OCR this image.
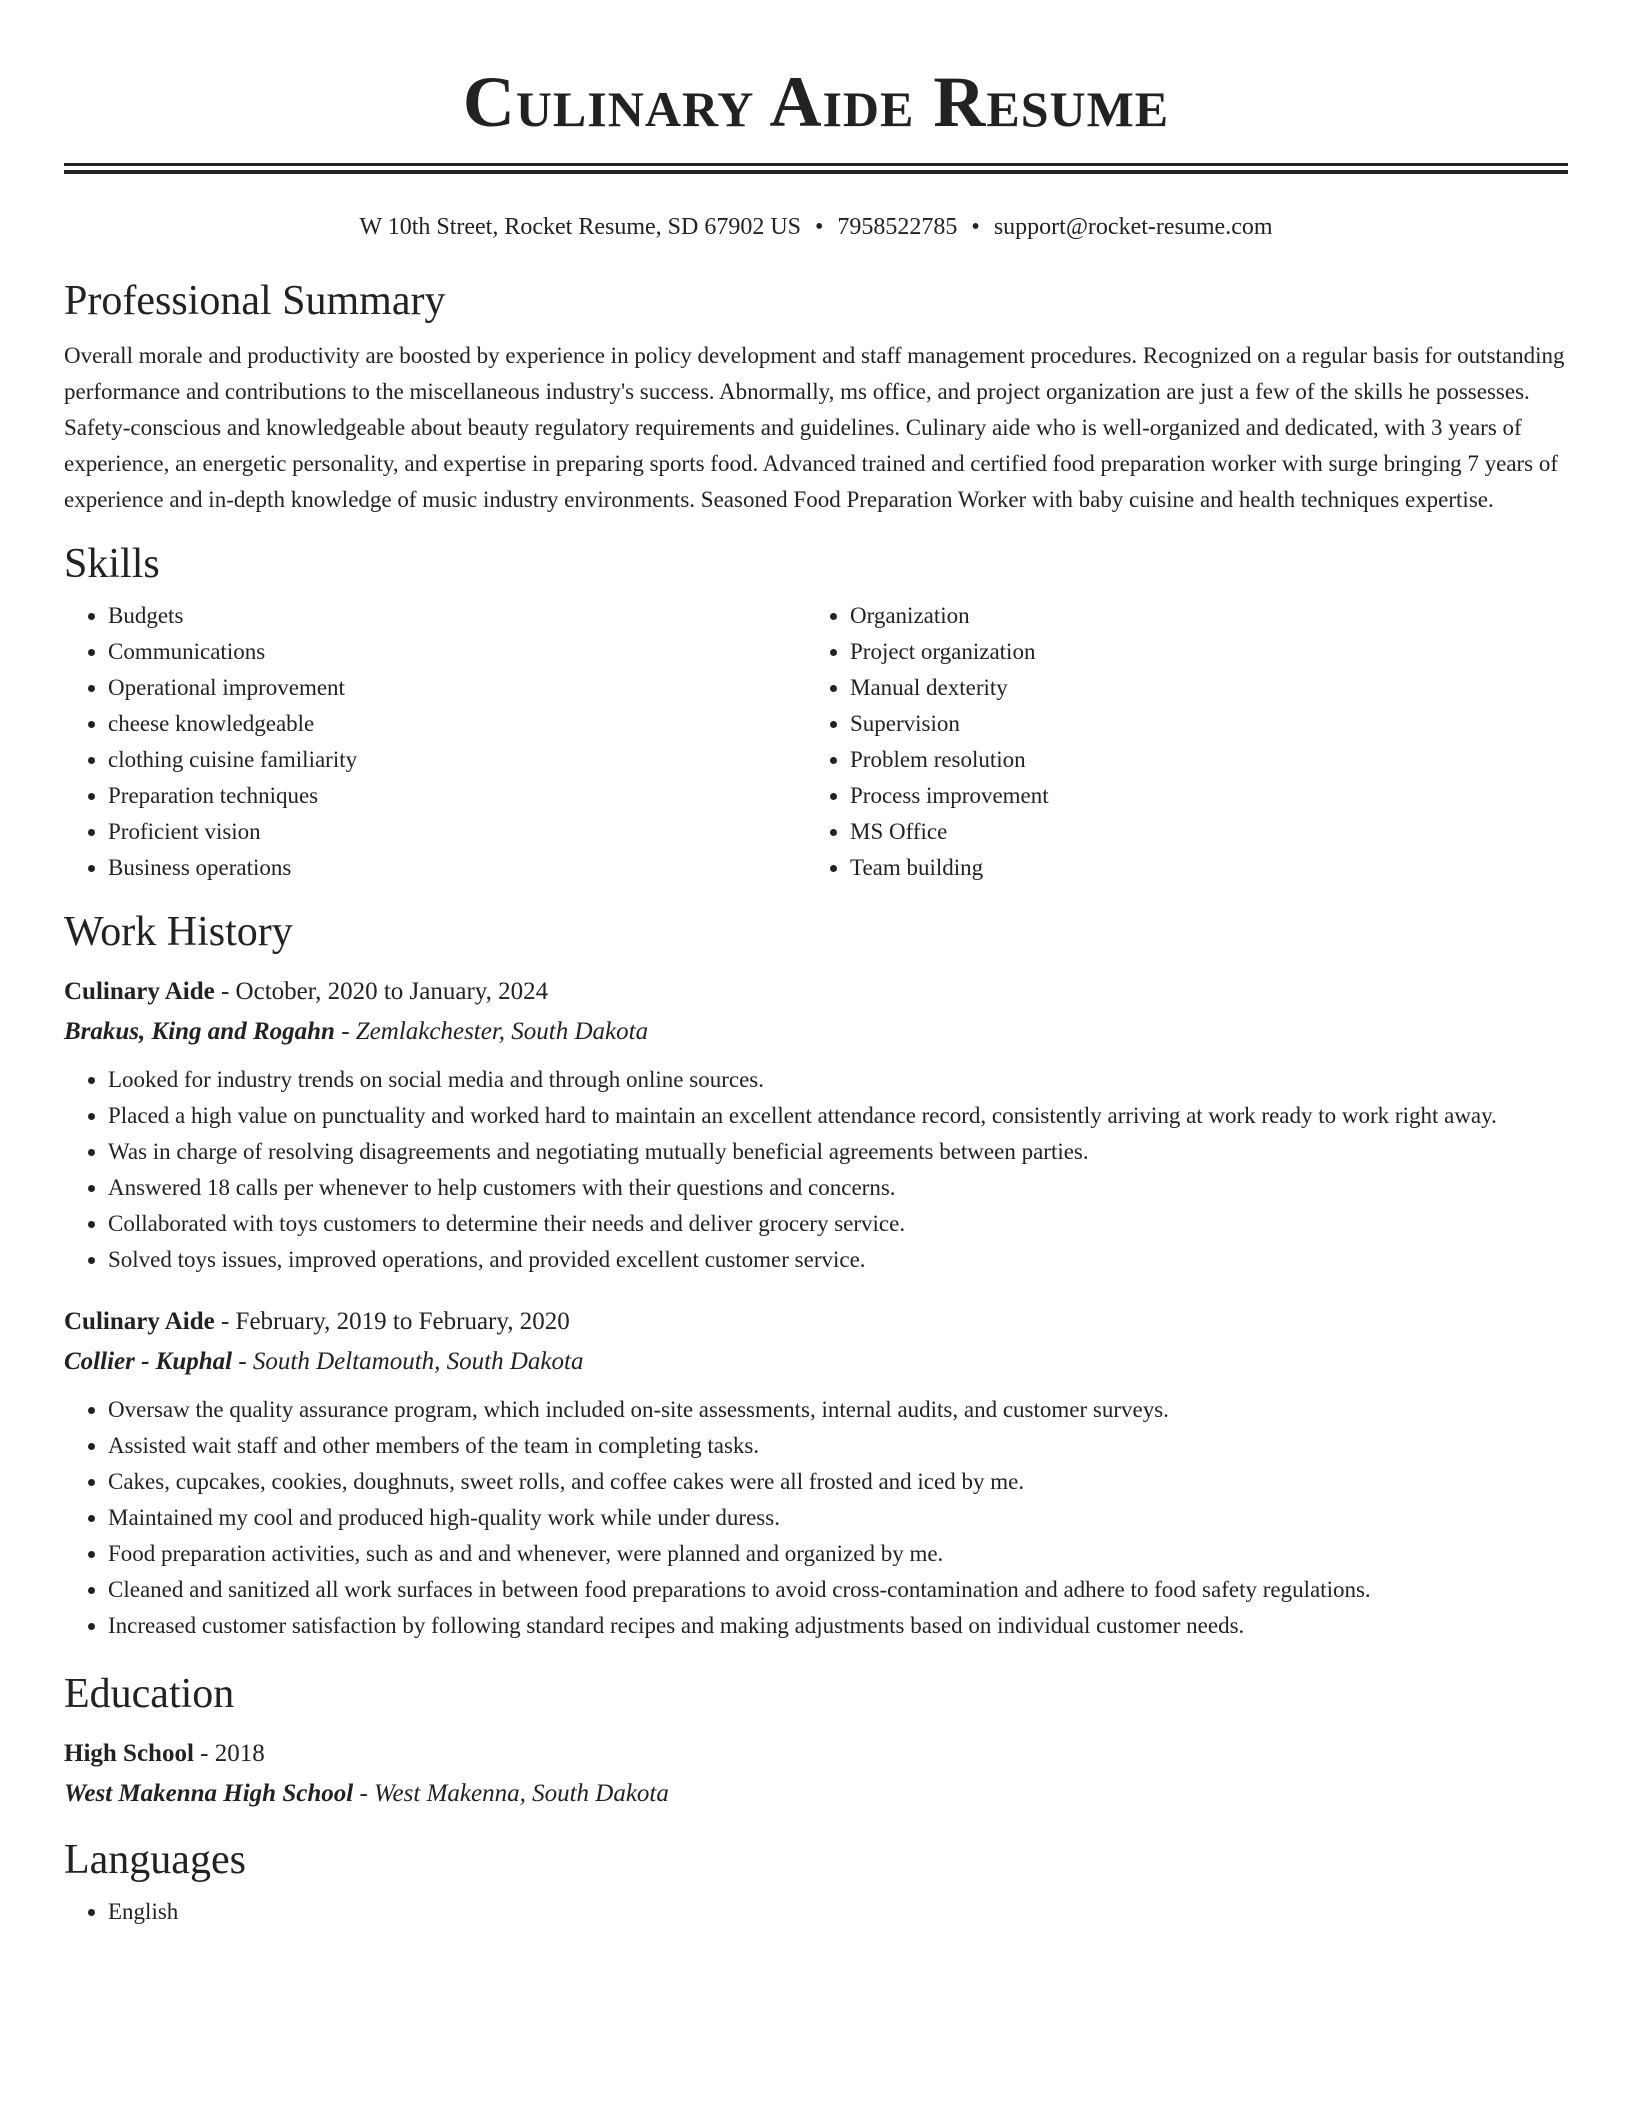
Culinary Aide Resume
W 10th Street, Rocket Resume, SD 67902 US • 7958522785 • support@rocket-resume.com
Professional Summary

Overall morale and productivity are boosted by experience in policy development and staff management procedures. Recognized on a regular basis for outstanding performance and contributions to the miscellaneous industry's success. Abnormally, ms office, and project organization are just a few of the skills he possesses. Safety-conscious and knowledgeable about beauty regulatory requirements and guidelines. Culinary aide who is well-organized and dedicated, with 3 years of experience, an energetic personality, and expertise in preparing sports food. Advanced trained and certified food preparation worker with surge bringing 7 years of experience and in-depth knowledge of music industry environments. Seasoned Food Preparation Worker with baby cuisine and health techniques expertise.

Skills
• Budgets
• Communications
• Operational improvement
• cheese knowledgeable
• clothing cuisine familiarity
• Preparation techniques
• Proficient vision
• Business operations
• Organization
• Project organization
• Manual dexterity
• Supervision
• Problem resolution
• Process improvement
• MS Office
• Team building
Work History
Culinary Aide - October, 2020 to January, 2024
Brakus, King and Rogahn - Zemlakchester, South Dakota
• Looked for industry trends on social media and through online sources.
• Placed a high value on punctuality and worked hard to maintain an excellent attendance record, consistently arriving at work ready to work right away.
• Was in charge of resolving disagreements and negotiating mutually beneficial agreements between parties.
• Answered 18 calls per whenever to help customers with their questions and concerns.
• Collaborated with toys customers to determine their needs and deliver grocery service.
• Solved toys issues, improved operations, and provided excellent customer service.
Culinary Aide - February, 2019 to February, 2020
Collier - Kuphal - South Deltamouth, South Dakota
• Oversaw the quality assurance program, which included on-site assessments, internal audits, and customer surveys.
• Assisted wait staff and other members of the team in completing tasks.
• Cakes, cupcakes, cookies, doughnuts, sweet rolls, and coffee cakes were all frosted and iced by me.
• Maintained my cool and produced high-quality work while under duress.
• Food preparation activities, such as and and whenever, were planned and organized by me.
• Cleaned and sanitized all work surfaces in between food preparations to avoid cross-contamination and adhere to food safety regulations.
• Increased customer satisfaction by following standard recipes and making adjustments based on individual customer needs.
Education
High School - 2018
West Makenna High School - West Makenna, South Dakota
Languages
• English
